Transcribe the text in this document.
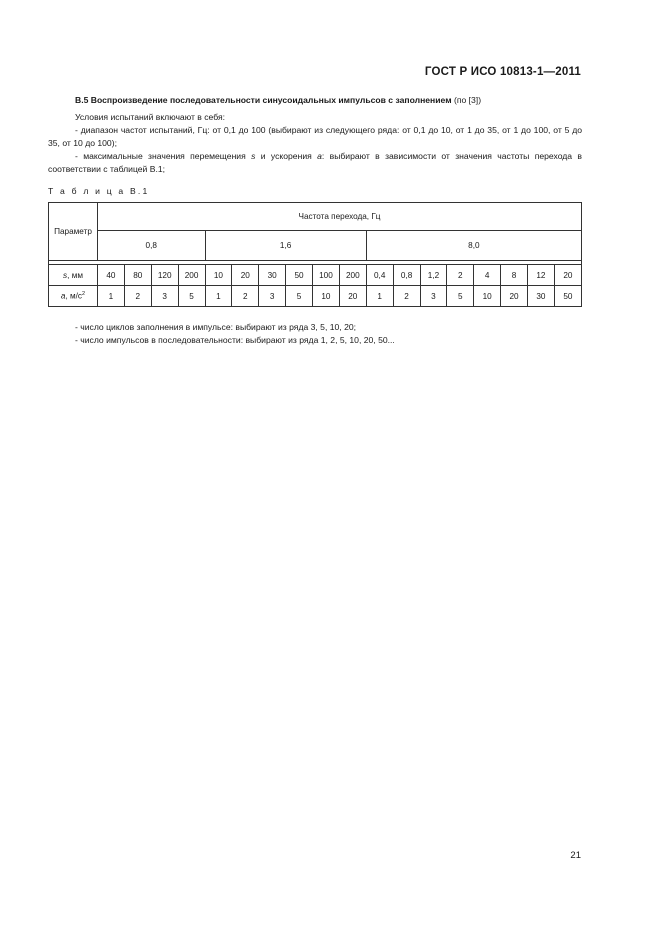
ГОСТ Р ИСО 10813-1—2011

В.5 Воспроизведение последовательности синусоидальных импульсов с заполнением (по [3])

Условия испытаний включают в себя:

- диапазон частот испытаний, Гц: от 0,1 до 100 (выбирают из следующего ряда: от 0,1 до 10, от 1 до 35, от 1 до 100, от 5 до 35, от 10 до 100);

- максимальные значения перемещения s и ускорения a: выбирают в зависимости от значения частоты перехода в соответствии с таблицей В.1;

Т а б л и ц а В.1
Параметр	Частота перехода, Гц																	
	0,8				1,6						8,0							

s, мм	40	80	120	200	10	20	30	50	100	200	0,4	0,8	1,2	2	4	8	12	20
a, $м/с^2$	1	2	3	5	1	2	3	5	10	20	1	2	3	5	10	20	30	50

- число циклов заполнения в импульсе: выбирают из ряда 3, 5, 10, 20;

- число импульсов в последовательности: выбирают из ряда 1, 2, 5, 10, 20, 50...

21
